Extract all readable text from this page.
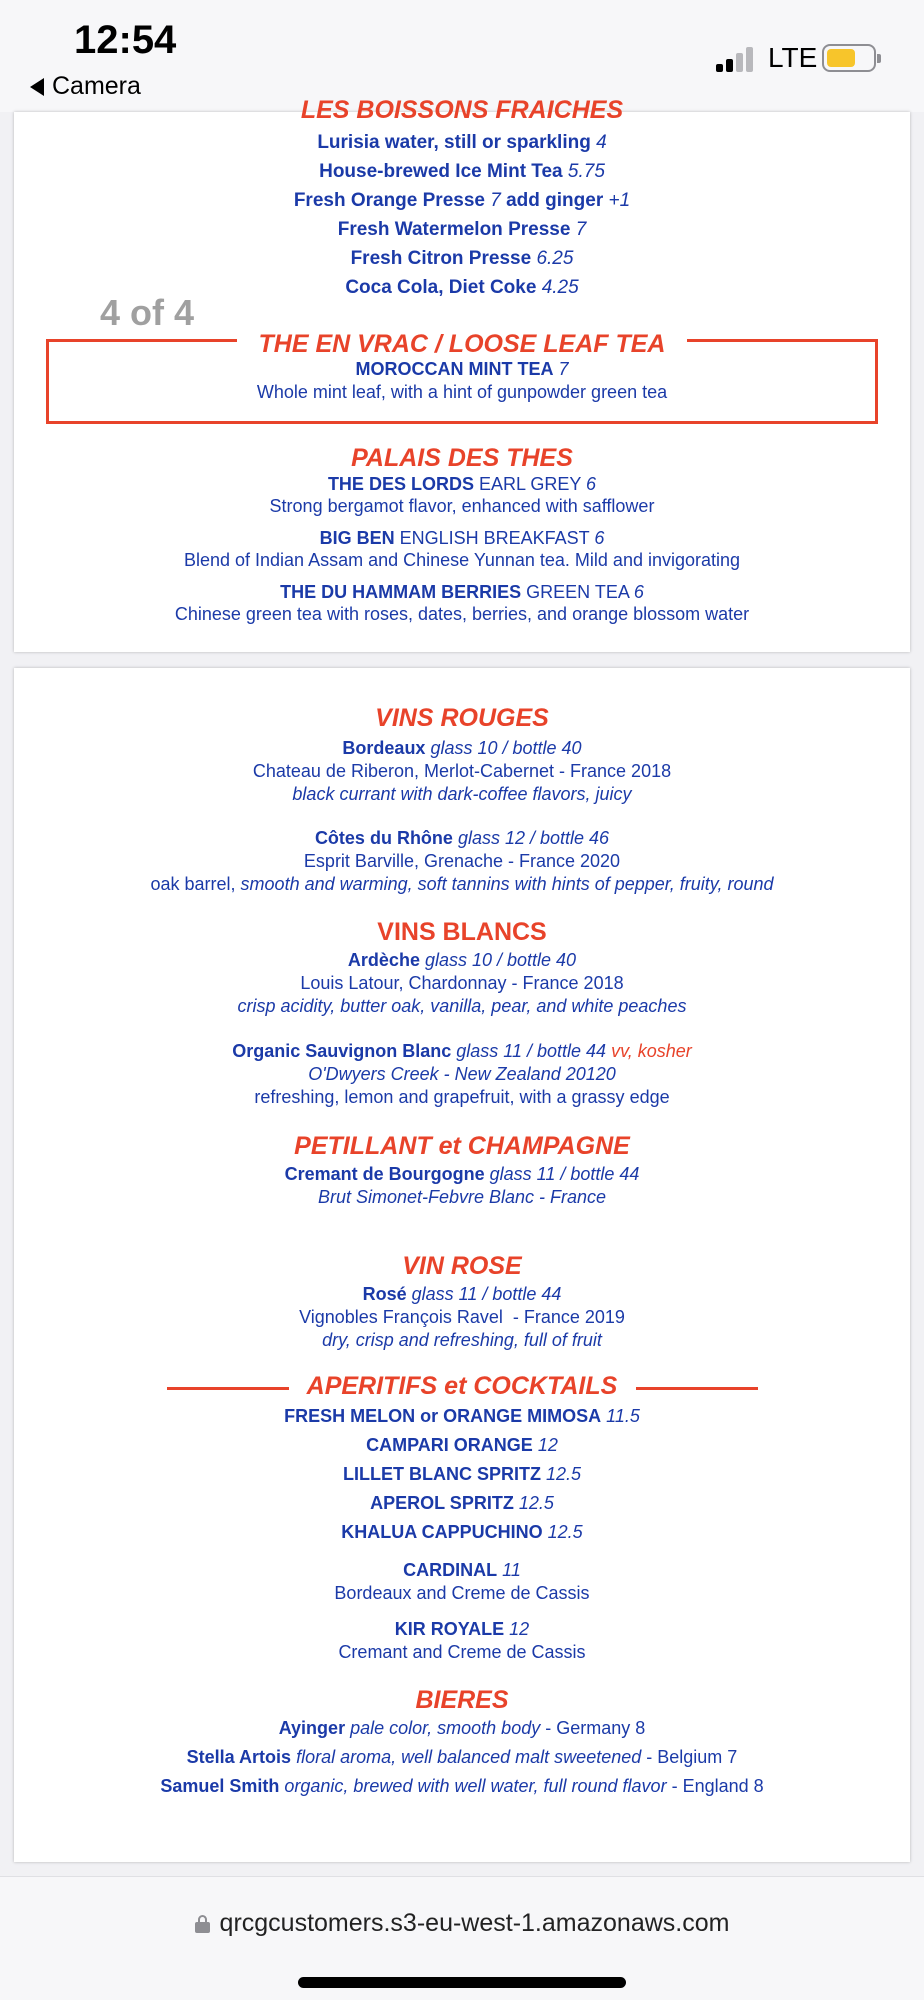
12:54
Camera
LTE
LES BOISSONS FRAICHES
4 of 4
Lurisia water, still or sparkling 4
House-brewed Ice Mint Tea 5.75
Fresh Orange Presse 7 add ginger +1
Fresh Watermelon Presse 7
Fresh Citron Presse 6.25
Coca Cola, Diet Coke 4.25
MOROCCAN MINT TEA 7
Whole mint leaf, with a hint of gunpowder green tea
PALAIS DES THES
THE DES LORDS EARL GREY 6
Strong bergamot flavor, enhanced with safflower
BIG BEN ENGLISH BREAKFAST 6
Blend of Indian Assam and Chinese Yunnan tea. Mild and invigorating
THE DU HAMMAM BERRIES GREEN TEA 6
Chinese green tea with roses, dates, berries, and orange blossom water
THE EN VRAC / LOOSE LEAF TEA
VINS ROUGES
Bordeaux glass 10 / bottle 40
Chateau de Riberon, Merlot-Cabernet - France 2018
black currant with dark-coffee flavors, juicy
Côtes du Rhône glass 12 / bottle 46
Esprit Barville, Grenache - France 2020
oak barrel, smooth and warming, soft tannins with hints of pepper, fruity, round
VINS BLANCS
Ardèche glass 10 / bottle 40
Louis Latour, Chardonnay - France 2018
crisp acidity, butter oak, vanilla, pear, and white peaches
Organic Sauvignon Blanc glass 11 / bottle 44 vv, kosher
O'Dwyers Creek - New Zealand 20120
refreshing, lemon and grapefruit, with a grassy edge
PETILLANT et CHAMPAGNE
Cremant de Bourgogne glass 11 / bottle 44
Brut Simonet-Febvre Blanc - France
VIN ROSE
Rosé glass 11 / bottle 44
Vignobles François Ravel  - France 2019
dry, crisp and refreshing, full of fruit
APERITIFS et COCKTAILS
FRESH MELON or ORANGE MIMOSA 11.5
CAMPARI ORANGE 12
LILLET BLANC SPRITZ 12.5
APEROL SPRITZ 12.5
KHALUA CAPPUCHINO 12.5
CARDINAL 11
Bordeaux and Creme de Cassis
KIR ROYALE 12
Cremant and Creme de Cassis
BIERES
Ayinger pale color, smooth body - Germany 8
Stella Artois floral aroma, well balanced malt sweetened - Belgium 7
Samuel Smith organic, brewed with well water, full round flavor - England 8
qrcgcustomers.s3-eu-west-1.amazonaws.com
